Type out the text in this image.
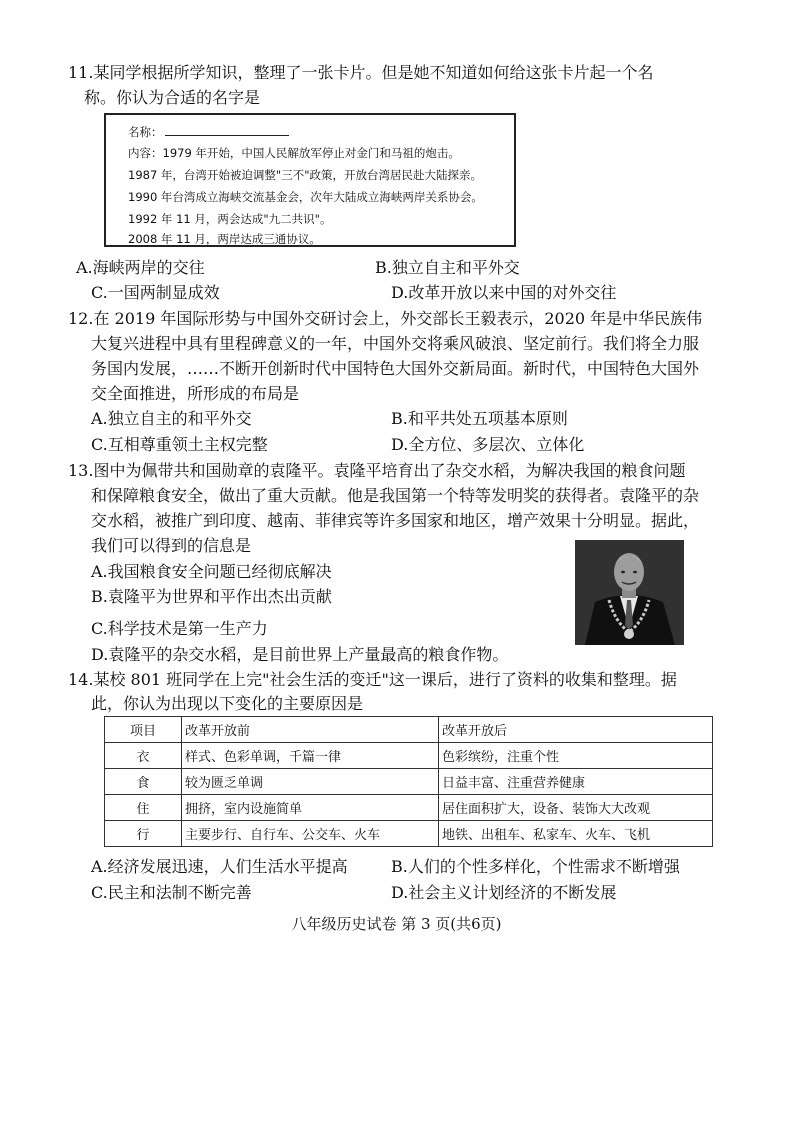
11.某同学根据所学知识，整理了一张卡片。但是她不知道如何给这张卡片起一个名
称。你认为合适的名字是
名称：
内容：1979 年开始，中国人民解放军停止对金门和马祖的炮击。
1987 年，台湾开始被迫调整"三不"政策，开放台湾居民赴大陆探亲。
1990 年台湾成立海峡交流基金会，次年大陆成立海峡两岸关系协会。
1992 年 11 月，两会达成"九二共识"。
2008 年 11 月，两岸达成三通协议。
A.海峡两岸的交往	B.独立自主和平外交
C.一国两制显成效	D.改革开放以来中国的对外交往
12.在 2019 年国际形势与中国外交研讨会上，外交部长王毅表示，2020 年是中华民族伟
大复兴进程中具有里程碑意义的一年，中国外交将乘风破浪、坚定前行。我们将全力服
务国内发展，……不断开创新时代中国特色大国外交新局面。新时代，中国特色大国外
交全面推进，所形成的布局是
A.独立自主的和平外交	B.和平共处五项基本原则
C.互相尊重领土主权完整	D.全方位、多层次、立体化
13.图中为佩带共和国勋章的袁隆平。袁隆平培育出了杂交水稻，为解决我国的粮食问题
和保障粮食安全，做出了重大贡献。他是我国第一个特等发明奖的获得者。袁隆平的杂
交水稻，被推广到印度、越南、菲律宾等许多国家和地区，增产效果十分明显。据此，
我们可以得到的信息是
A.我国粮食安全问题已经彻底解决
B.袁隆平为世界和平作出杰出贡献
C.科学技术是第一生产力
D.袁隆平的杂交水稻，是目前世界上产量最高的粮食作物。
14.某校 801 班同学在上完"社会生活的变迁"这一课后，进行了资料的收集和整理。据
此，你认为出现以下变化的主要原因是
项目	改革开放前	改革开放后
衣	样式、色彩单调，千篇一律	色彩缤纷，注重个性
食	较为匮乏单调	日益丰富、注重营养健康
住	拥挤，室内设施简单	居住面积扩大，设备、装饰大大改观
行	主要步行、自行车、公交车、火车	地铁、出租车、私家车、火车、飞机
A.经济发展迅速，人们生活水平提高	B.人们的个性多样化，个性需求不断增强
C.民主和法制不断完善	D.社会主义计划经济的不断发展
八年级历史试卷 第 3 页(共6页)
